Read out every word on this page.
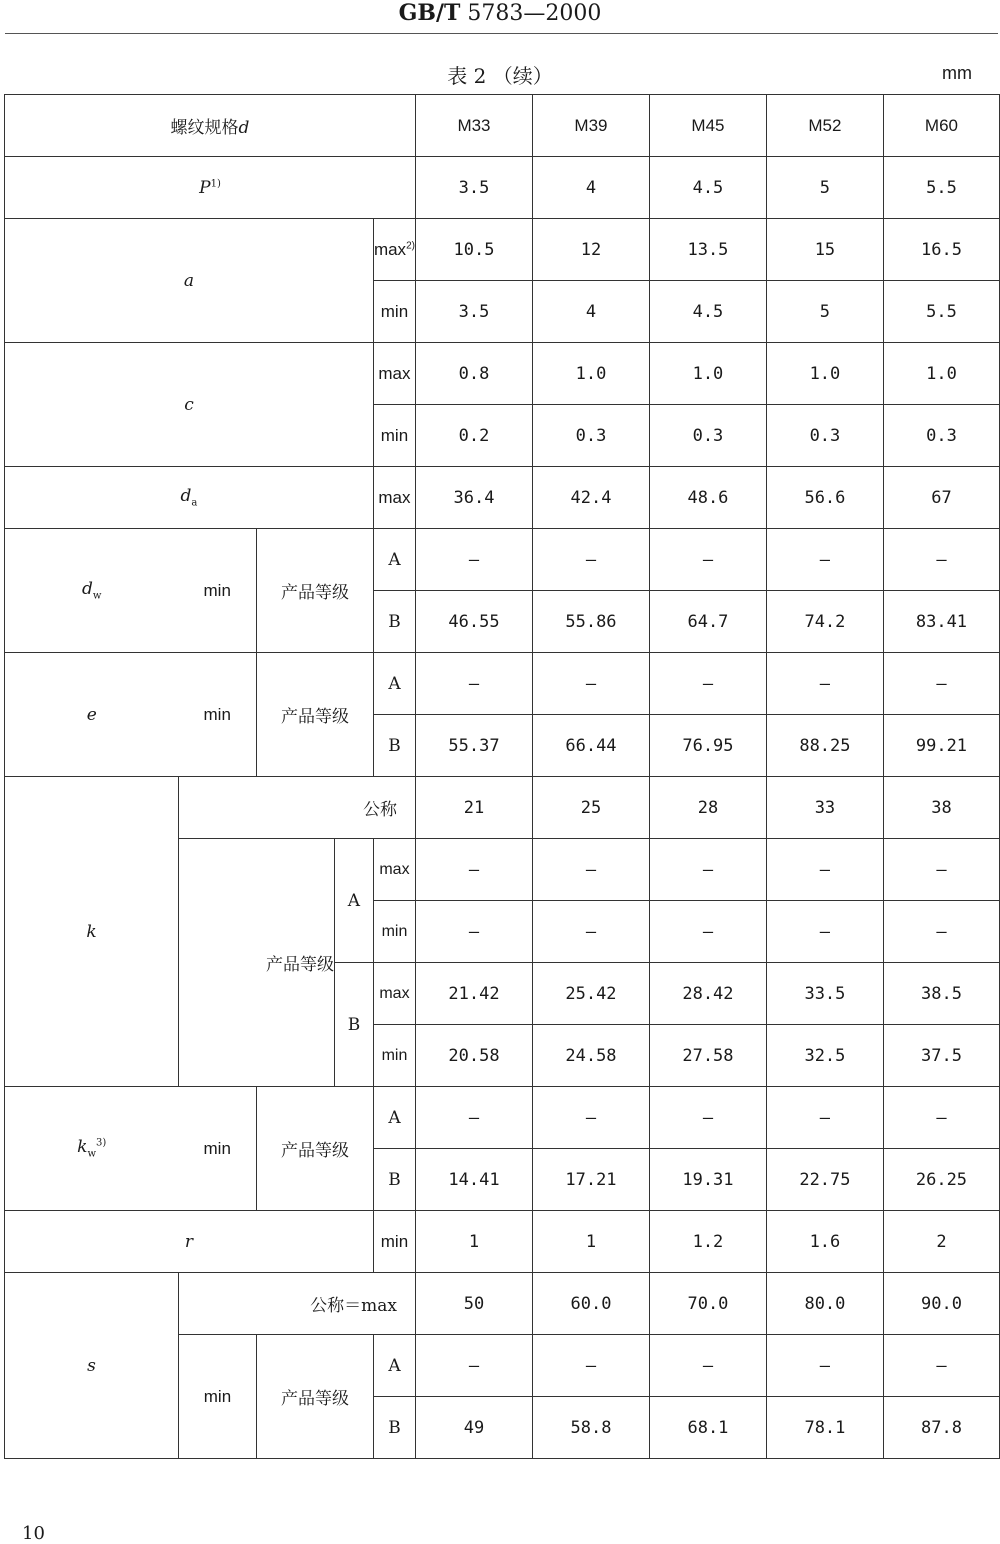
GB/T 5783—2000
表 2 （续）	mm
螺纹规格d					M33	M39	M45	M52	M60
$P^{1)}$					3.5	4	4.5	5	5.5
a				$\max^{2)}$	10.5	12	13.5	15	16.5
				min	3.5	4	4.5	5	5.5
c				max	0.8	1.0	1.0	1.0	1.0
				min	0.2	0.3	0.3	0.3	0.3
$d_a$				max	36.4	42.4	48.6	56.6	67
$d_w$	min	产品等级		A	—	—	—	—	—
				B	46.55	55.86	64.7	74.2	83.41
e	min	产品等级		A	—	—	—	—	—
				B	55.37	66.44	76.95	88.25	99.21
k	公称				21	25	28	33	38
	产品等级		A	max	—	—	—	—	—
				min	—	—	—	—	—
			B	max	21.42	25.42	28.42	33.5	38.5
				min	20.58	24.58	27.58	32.5	37.5
$k_w^{3)}$	min	产品等级		A	—	—	—	—	—
				B	14.41	17.21	19.31	22.75	26.25
r				min	1	1	1.2	1.6	2
s	公称＝max				50	60.0	70.0	80.0	90.0
	min	产品等级		A	—	—	—	—	—
				B	49	58.8	68.1	78.1	87.8
10
